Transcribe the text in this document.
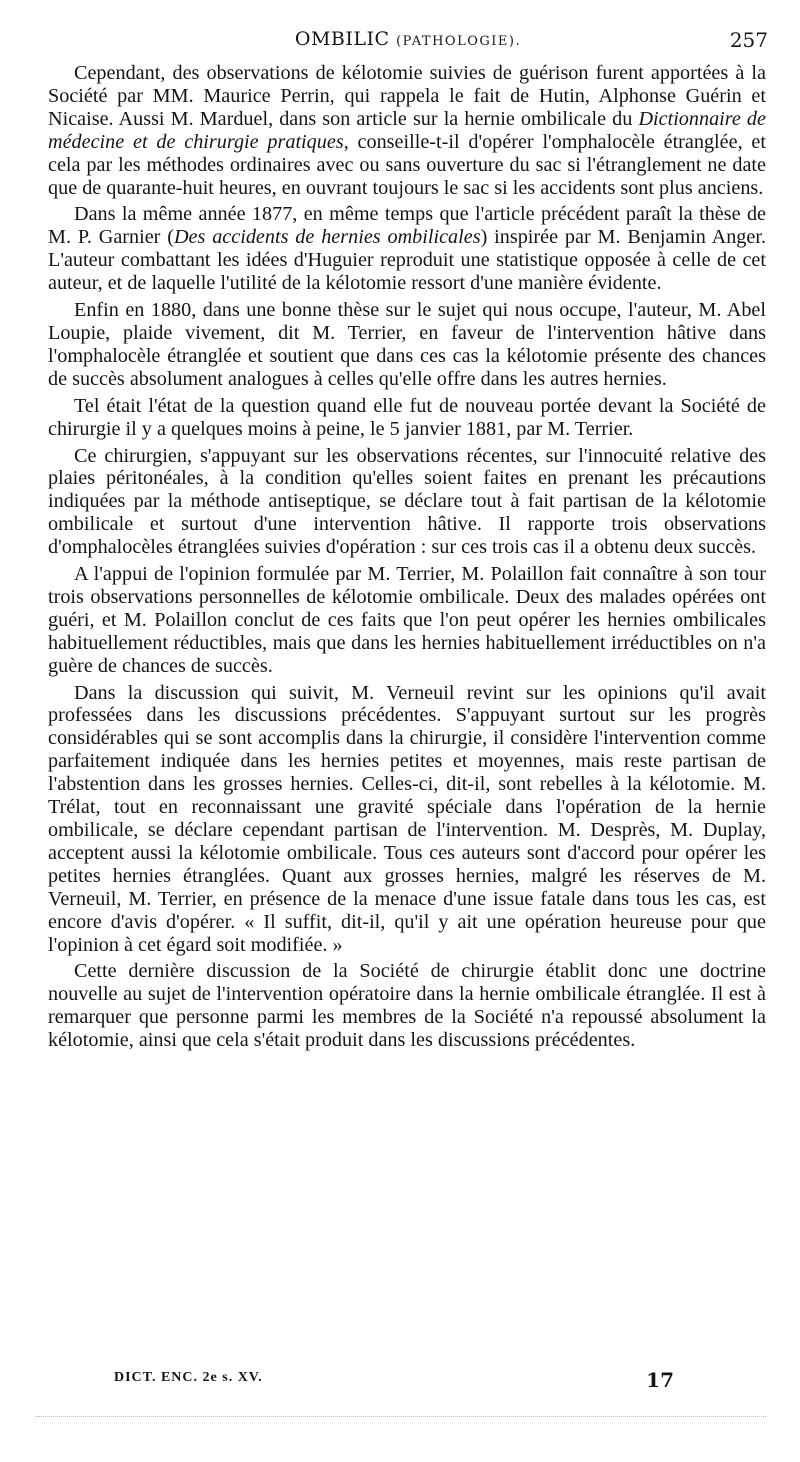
OMBILIC (PATHOLOGIE).	257

Cependant, des observations de kélotomie suivies de guérison furent apportées à la Société par MM. Maurice Perrin, qui rappela le fait de Hutin, Alphonse Guérin et Nicaise. Aussi M. Marduel, dans son article sur la hernie ombilicale du Dictionnaire de médecine et de chirurgie pratiques, conseille-t-il d'opérer l'omphalocèle étranglée, et cela par les méthodes ordinaires avec ou sans ouverture du sac si l'étranglement ne date que de quarante-huit heures, en ouvrant toujours le sac si les accidents sont plus anciens.

Dans la même année 1877, en même temps que l'article précédent paraît la thèse de M. P. Garnier (Des accidents de hernies ombilicales) inspirée par M. Benjamin Anger. L'auteur combattant les idées d'Huguier reproduit une statistique opposée à celle de cet auteur, et de laquelle l'utilité de la kélotomie ressort d'une manière évidente.

Enfin en 1880, dans une bonne thèse sur le sujet qui nous occupe, l'auteur, M. Abel Loupie, plaide vivement, dit M. Terrier, en faveur de l'intervention hâtive dans l'omphalocèle étranglée et soutient que dans ces cas la kélotomie présente des chances de succès absolument analogues à celles qu'elle offre dans les autres hernies.

Tel était l'état de la question quand elle fut de nouveau portée devant la Société de chirurgie il y a quelques moins à peine, le 5 janvier 1881, par M. Terrier.

Ce chirurgien, s'appuyant sur les observations récentes, sur l'innocuité relative des plaies péritonéales, à la condition qu'elles soient faites en prenant les précautions indiquées par la méthode antiseptique, se déclare tout à fait partisan de la kélotomie ombilicale et surtout d'une intervention hâtive. Il rapporte trois observations d'omphalocèles étranglées suivies d'opération : sur ces trois cas il a obtenu deux succès.

A l'appui de l'opinion formulée par M. Terrier, M. Polaillon fait connaître à son tour trois observations personnelles de kélotomie ombilicale. Deux des malades opérées ont guéri, et M. Polaillon conclut de ces faits que l'on peut opérer les hernies ombilicales habituellement réductibles, mais que dans les hernies habituellement irréductibles on n'a guère de chances de succès.

Dans la discussion qui suivit, M. Verneuil revint sur les opinions qu'il avait professées dans les discussions précédentes. S'appuyant surtout sur les progrès considérables qui se sont accomplis dans la chirurgie, il considère l'intervention comme parfaitement indiquée dans les hernies petites et moyennes, mais reste partisan de l'abstention dans les grosses hernies. Celles-ci, dit-il, sont rebelles à la kélotomie. M. Trélat, tout en reconnaissant une gravité spéciale dans l'opération de la hernie ombilicale, se déclare cependant partisan de l'intervention. M. Desprès, M. Duplay, acceptent aussi la kélotomie ombilicale. Tous ces auteurs sont d'accord pour opérer les petites hernies étranglées. Quant aux grosses hernies, malgré les réserves de M. Verneuil, M. Terrier, en présence de la menace d'une issue fatale dans tous les cas, est encore d'avis d'opérer. « Il suffit, dit-il, qu'il y ait une opération heureuse pour que l'opinion à cet égard soit modifiée. »

Cette dernière discussion de la Société de chirurgie établit donc une doctrine nouvelle au sujet de l'intervention opératoire dans la hernie ombilicale étranglée. Il est à remarquer que personne parmi les membres de la Société n'a repoussé absolument la kélotomie, ainsi que cela s'était produit dans les discussions précédentes.

DICT. ENC. 2e s. XV.	17
